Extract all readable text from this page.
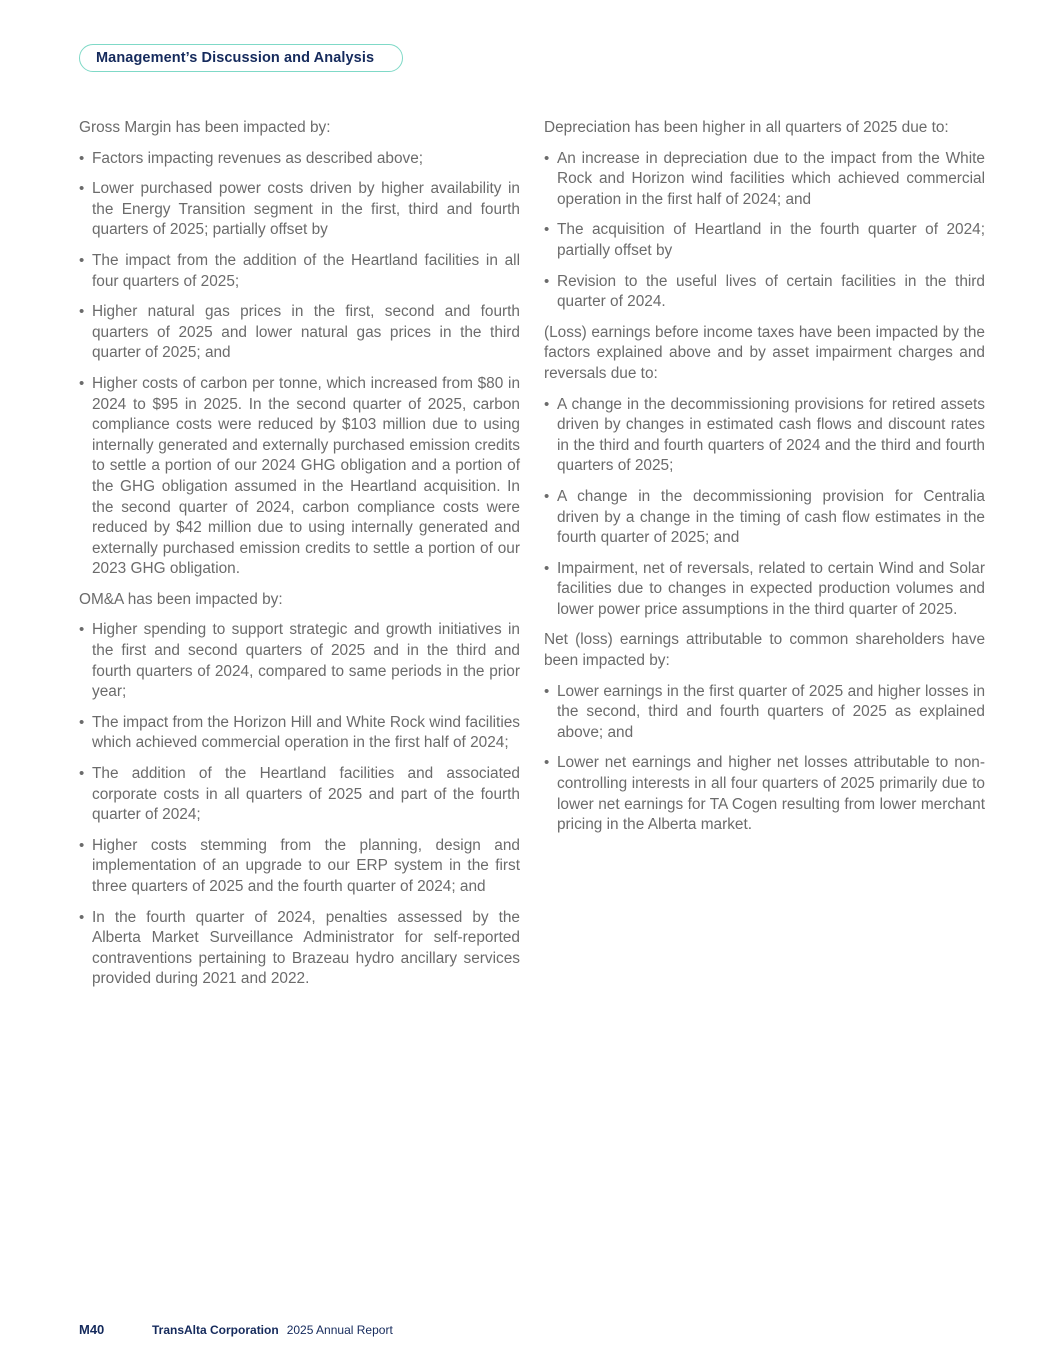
Management’s Discussion and Analysis

Gross Margin has been impacted by:

• Factors impacting revenues as described above;
• Lower purchased power costs driven by higher availability in the Energy Transition segment in the first, third and fourth quarters of 2025; partially offset by
• The impact from the addition of the Heartland facilities in all four quarters of 2025;
• Higher natural gas prices in the first, second and fourth quarters of 2025 and lower natural gas prices in the third quarter of 2025; and
• Higher costs of carbon per tonne, which increased from $80 in 2024 to $95 in 2025. In the second quarter of 2025, carbon compliance costs were reduced by $103 million due to using internally generated and externally purchased emission credits to settle a portion of our 2024 GHG obligation and a portion of the GHG obligation assumed in the Heartland acquisition. In the second quarter of 2024, carbon compliance costs were reduced by $42 million due to using internally generated and externally purchased emission credits to settle a portion of our 2023 GHG obligation.

OM&A has been impacted by:

• Higher spending to support strategic and growth initiatives in the first and second quarters of 2025 and in the third and fourth quarters of 2024, compared to same periods in the prior year;
• The impact from the Horizon Hill and White Rock wind facilities which achieved commercial operation in the first half of 2024;
• The addition of the Heartland facilities and associated corporate costs in all quarters of 2025 and part of the fourth quarter of 2024;
• Higher costs stemming from the planning, design and implementation of an upgrade to our ERP system in the first three quarters of 2025 and the fourth quarter of 2024; and
• In the fourth quarter of 2024, penalties assessed by the Alberta Market Surveillance Administrator for self-reported contraventions pertaining to Brazeau hydro ancillary services provided during 2021 and 2022.

Depreciation has been higher in all quarters of 2025 due to:

• An increase in depreciation due to the impact from the White Rock and Horizon wind facilities which achieved commercial operation in the first half of 2024; and
• The acquisition of Heartland in the fourth quarter of 2024; partially offset by
• Revision to the useful lives of certain facilities in the third quarter of 2024.

(Loss) earnings before income taxes have been impacted by the factors explained above and by asset impairment charges and reversals due to:

• A change in the decommissioning provisions for retired assets driven by changes in estimated cash flows and discount rates in the third and fourth quarters of 2024 and the third and fourth quarters of 2025;
• A change in the decommissioning provision for Centralia driven by a change in the timing of cash flow estimates in the fourth quarter of 2025; and
• Impairment, net of reversals, related to certain Wind and Solar facilities due to changes in expected production volumes and lower power price assumptions in the third quarter of 2025.

Net (loss) earnings attributable to common shareholders have been impacted by:

• Lower earnings in the first quarter of 2025 and higher losses in the second, third and fourth quarters of 2025 as explained above; and
• Lower net earnings and higher net losses attributable to non-controlling interests in all four quarters of 2025 primarily due to lower net earnings for TA Cogen resulting from lower merchant pricing in the Alberta market.
M40	TransAlta Corporation 2025 Annual Report
